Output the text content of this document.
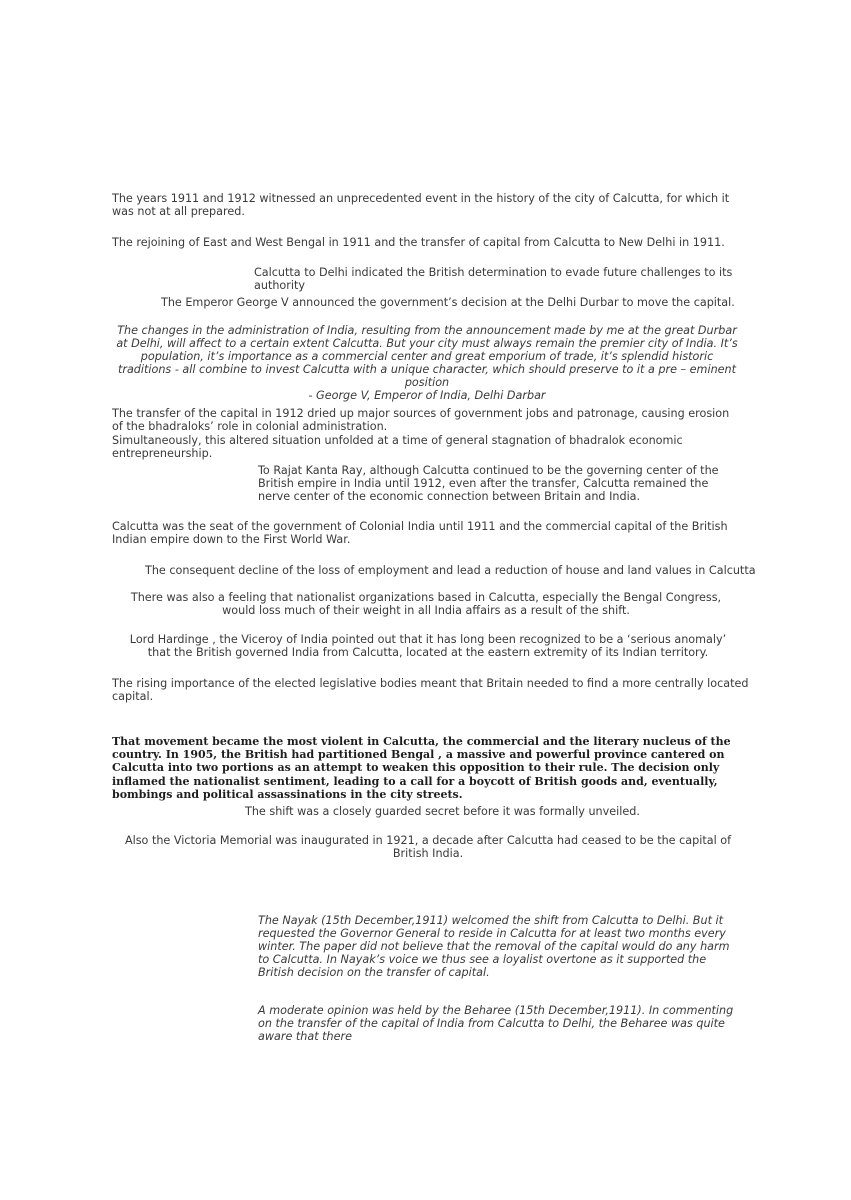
The years 1911 and 1912 witnessed an unprecedented event in the history of the city of Calcutta, for which it was not at all prepared.

The rejoining of East and West Bengal in 1911 and the transfer of capital from Calcutta to New Delhi in 1911.

Calcutta to Delhi indicated the British determination to evade future challenges to its authority

The Emperor George V announced the government’s decision at the Delhi Durbar to move the capital.

The changes in the administration of India, resulting from the announcement made by me at the great Durbar at Delhi, will affect to a certain extent Calcutta. But your city must always remain the premier city of India. It’s population, it’s importance as a commercial center and great emporium of trade, it’s splendid historic traditions - all combine to invest Calcutta with a unique character, which should preserve to it a pre – eminent position

- George V, Emperor of India, Delhi Darbar

The transfer of the capital in 1912 dried up major sources of government jobs and patronage, causing erosion of the bhadraloks’ role in colonial administration.

Simultaneously, this altered situation unfolded at a time of general stagnation of bhadralok economic entrepreneurship.

To Rajat Kanta Ray, although Calcutta continued to be the governing center of the British empire in India until 1912, even after the transfer, Calcutta remained the nerve center of the economic connection between Britain and India.

Calcutta was the seat of the government of Colonial India until 1911 and the commercial capital of the British Indian empire down to the First World War.

The consequent decline of the loss of employment and lead a reduction of house and land values in Calcutta

There was also a feeling that nationalist organizations based in Calcutta, especially the Bengal Congress, would loss much of their weight in all India affairs as a result of the shift.

Lord Hardinge , the Viceroy of India pointed out that it has long been recognized to be a ‘serious anomaly’ that the British governed India from Calcutta, located at the eastern extremity of its Indian territory.

The rising importance of the elected legislative bodies meant that Britain needed to find a more centrally located capital.

That movement became the most violent in Calcutta, the commercial and the literary nucleus of the country. In 1905, the British had partitioned Bengal , a massive and powerful province cantered on Calcutta into two portions as an attempt to weaken this opposition to their rule. The decision only inflamed the nationalist sentiment, leading to a call for a boycott of British goods and, eventually, bombings and political assassinations in the city streets.

The shift was a closely guarded secret before it was formally unveiled.

Also the Victoria Memorial was inaugurated in 1921, a decade after Calcutta had ceased to be the capital of British India.

The Nayak (15th December,1911) welcomed the shift from Calcutta to Delhi. But it requested the Governor General to reside in Calcutta for at least two months every winter. The paper did not believe that the removal of the capital would do any harm to Calcutta. In Nayak’s voice we thus see a loyalist overtone as it supported the British decision on the transfer of capital.

A moderate opinion was held by the Beharee (15th December,1911). In commenting on the transfer of the capital of India from Calcutta to Delhi, the Beharee was quite aware that there
